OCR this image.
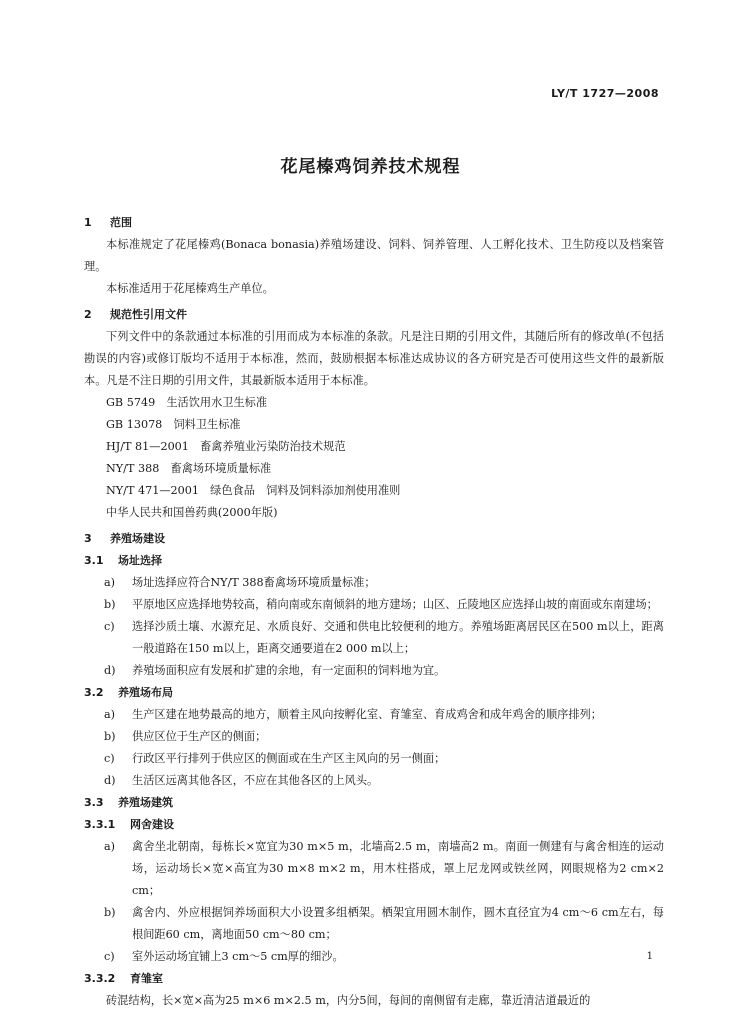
LY/T 1727—2008
花尾榛鸡饲养技术规程
1 范围
本标准规定了花尾榛鸡(Bonaca bonasia)养殖场建设、饲料、饲养管理、人工孵化技术、卫生防疫以及档案管理。
本标准适用于花尾榛鸡生产单位。
2 规范性引用文件
下列文件中的条款通过本标准的引用而成为本标准的条款。凡是注日期的引用文件，其随后所有的修改单(不包括勘误的内容)或修订版均不适用于本标准，然而，鼓励根据本标准达成协议的各方研究是否可使用这些文件的最新版本。凡是不注日期的引用文件，其最新版本适用于本标准。
GB 5749　生活饮用水卫生标准
GB 13078　饲料卫生标准
HJ/T 81—2001　畜禽养殖业污染防治技术规范
NY/T 388　畜禽场环境质量标准
NY/T 471—2001　绿色食品　饲料及饲料添加剂使用准则
中华人民共和国兽药典(2000年版)
3 养殖场建设
3.1 场址选择
a)	场址选择应符合NY/T 388畜禽场环境质量标准；
b)	平原地区应选择地势较高，稍向南或东南倾斜的地方建场；山区、丘陵地区应选择山坡的南面或东南建场；
c)	选择沙质土壤、水源充足、水质良好、交通和供电比较便利的地方。养殖场距离居民区在500 m以上，距离一般道路在150 m以上，距离交通要道在2 000 m以上；
d)	养殖场面积应有发展和扩建的余地，有一定面积的饲料地为宜。
3.2 养殖场布局
a)	生产区建在地势最高的地方，顺着主风向按孵化室、育雏室、育成鸡舍和成年鸡舍的顺序排列；
b)	供应区位于生产区的侧面；
c)	行政区平行排列于供应区的侧面或在生产区主风向的另一侧面；
d)	生活区远离其他各区，不应在其他各区的上风头。
3.3 养殖场建筑
3.3.1 网舍建设
a)	禽舍坐北朝南，每栋长×宽宜为30 m×5 m，北墙高2.5 m，南墙高2 m。南面一侧建有与禽舍相连的运动场，运动场长×宽×高宜为30 m×8 m×2 m，用木柱搭成，罩上尼龙网或铁丝网，网眼规格为2 cm×2 cm；
b)	禽舍内、外应根据饲养场面积大小设置多组栖架。栖架宜用圆木制作，圆木直径宜为4 cm～6 cm左右，每根间距60 cm，离地面50 cm～80 cm；
c)	室外运动场宜铺上3 cm～5 cm厚的细沙。
3.3.2 育雏室
砖混结构，长×宽×高为25 m×6 m×2.5 m，内分5间，每间的南侧留有走廊，靠近清洁道最近的
1
